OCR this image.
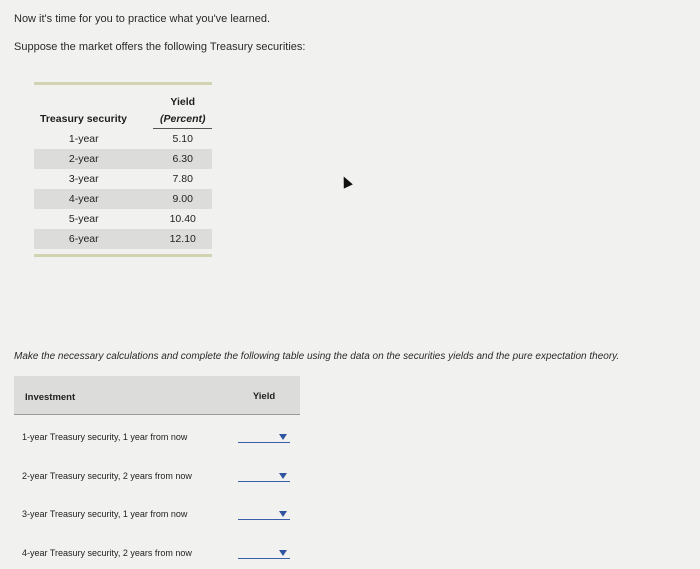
Now it's time for you to practice what you've learned.
Suppose the market offers the following Treasury securities:
Treasury security	Yield

	(Percent)

1-year	5.10
2-year	6.30
3-year	7.80
4-year	9.00
5-year	10.40
6-year	12.10
Make the necessary calculations and complete the following table using the data on the securities yields and the pure expectation theory.
Investment	Yield
1-year Treasury security, 1 year from now
2-year Treasury security, 2 years from now
3-year Treasury security, 1 year from now
4-year Treasury security, 2 years from now
